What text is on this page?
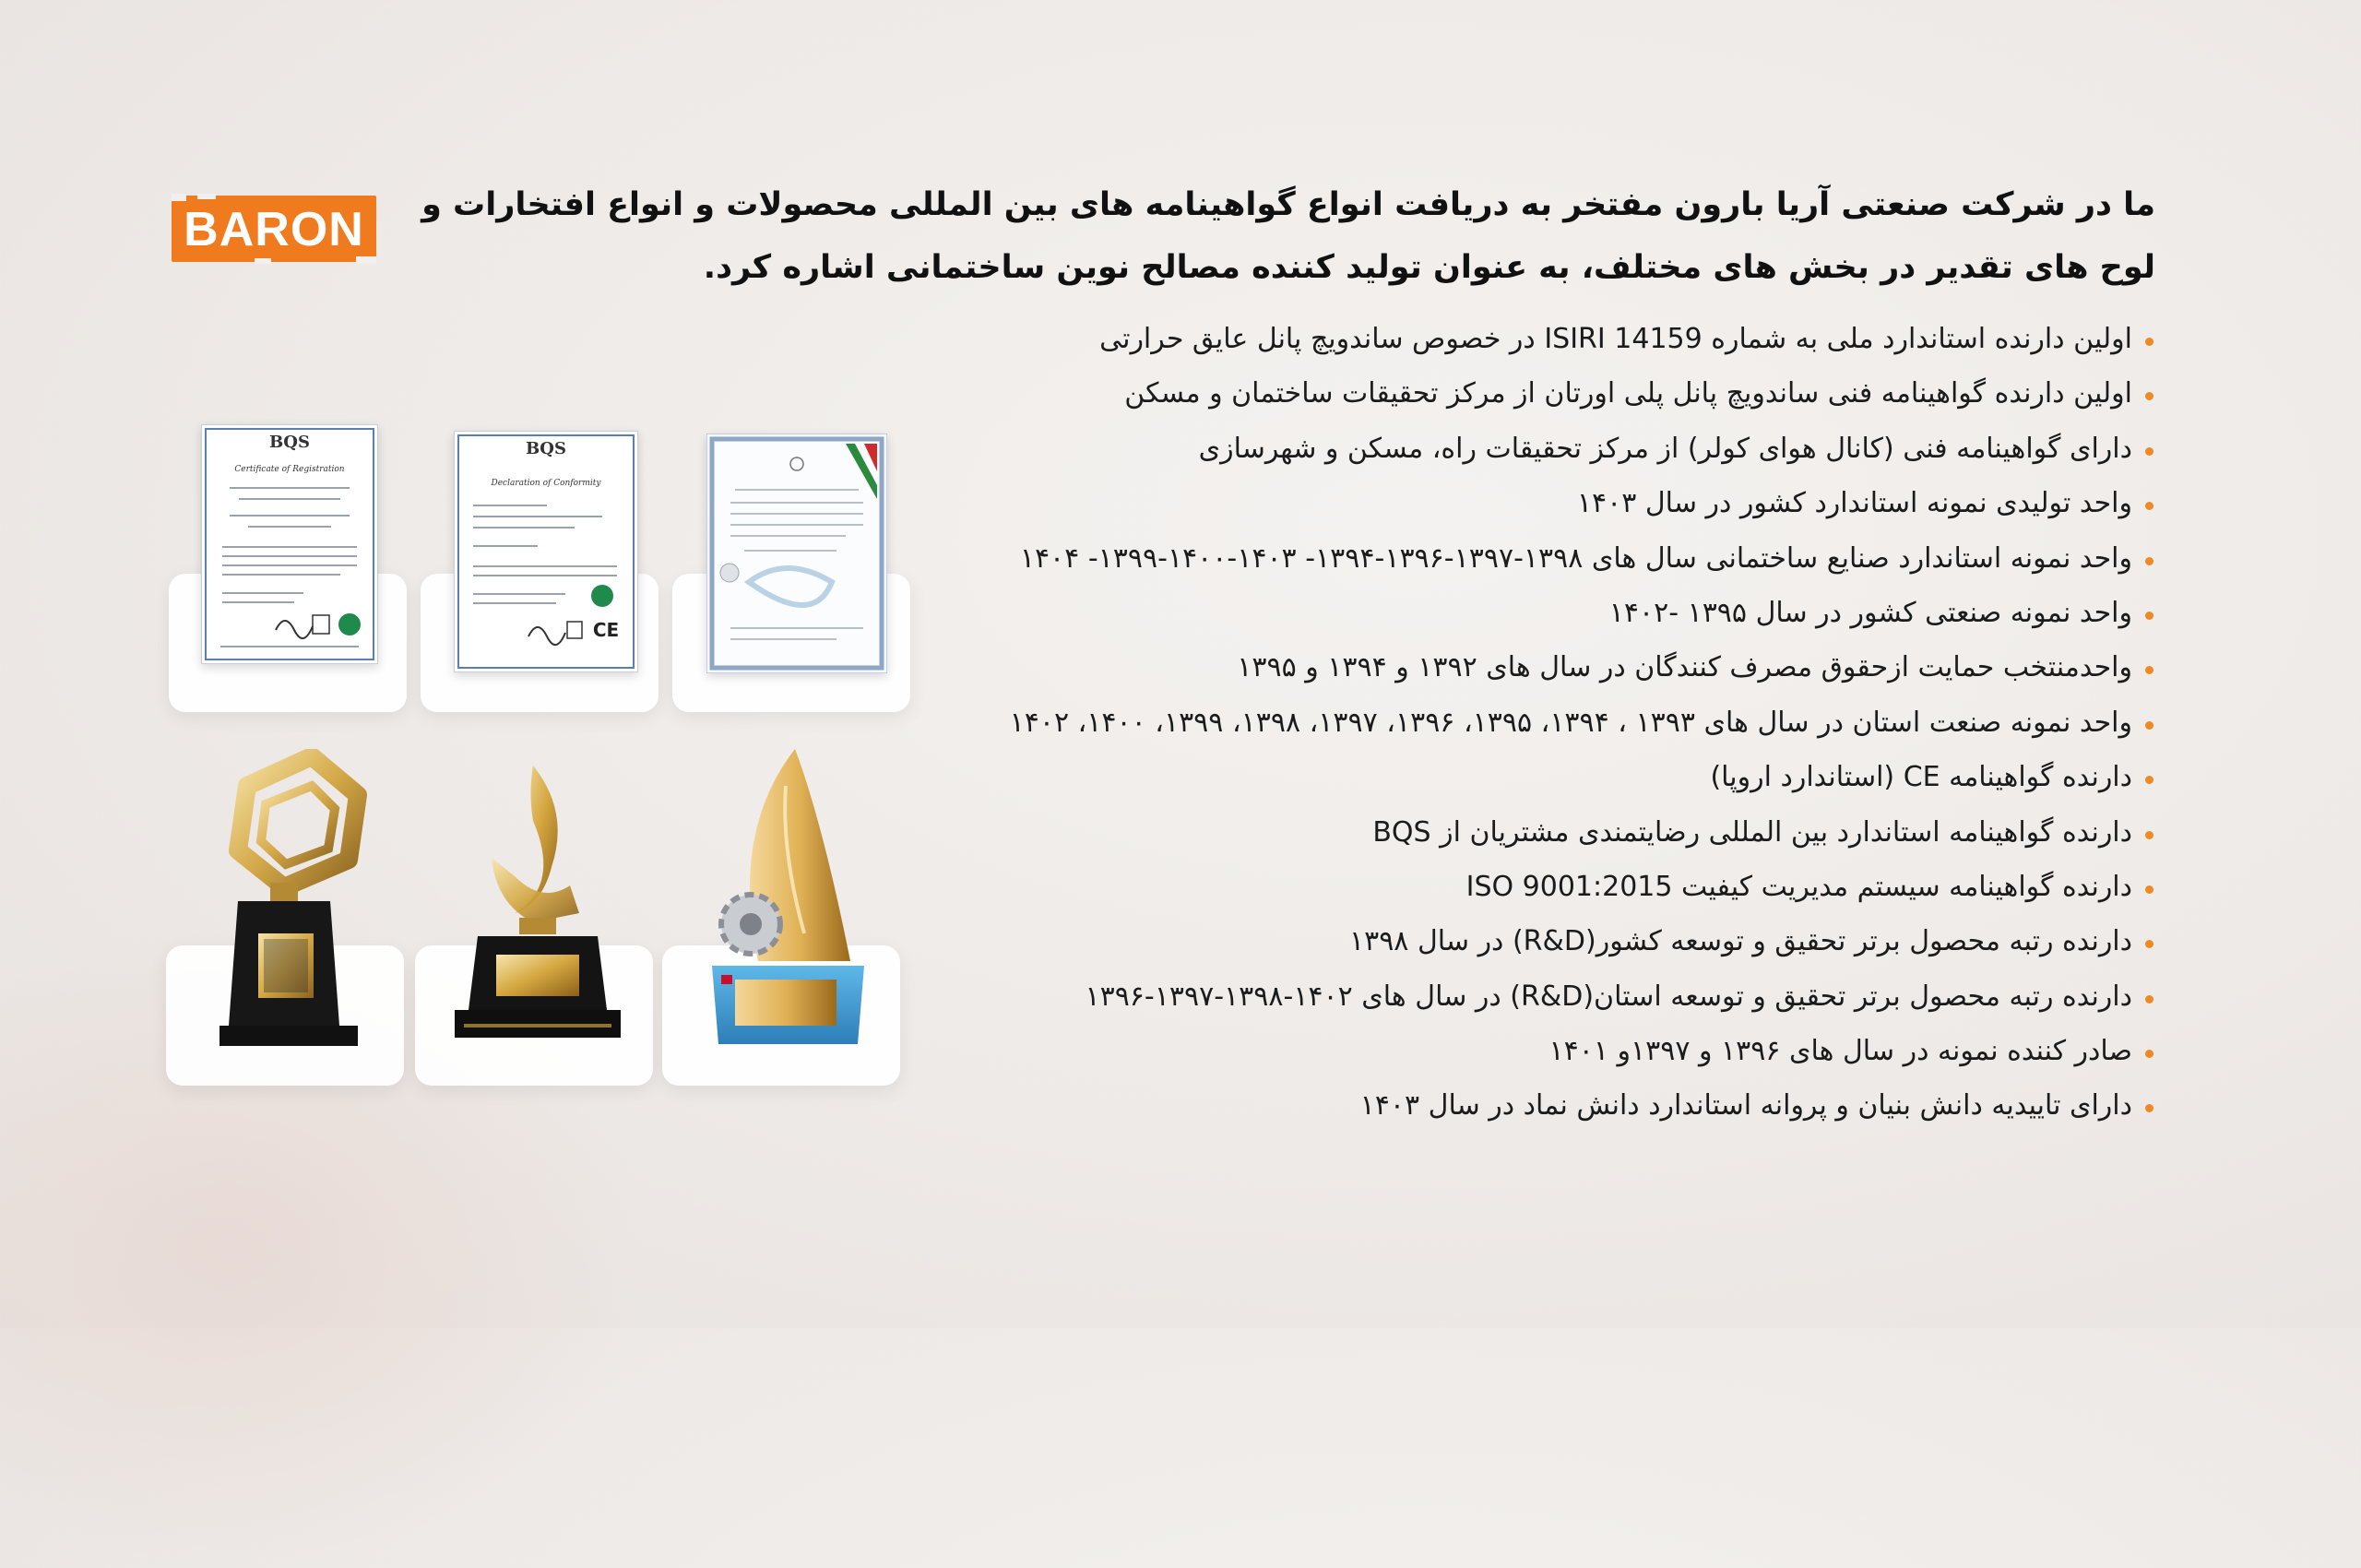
BARON ما در شرکت صنعتی آریا بارون مفتخر به دریافت انواع گواهینامه های بین المللی محصولات و انواع افتخارات و
لوح های تقدیر در بخش های مختلف، به عنوان تولید کننده مصالح نوین ساختمانی اشاره کرد.
اولین دارنده استاندارد ملی به شماره ISIRI 14159 در خصوص ساندویچ پانل عایق حرارتی
اولین دارنده گواهینامه فنی ساندویچ پانل پلی اورتان از مرکز تحقیقات ساختمان و مسکن
دارای گواهینامه فنی (کانال هوای کولر) از مرکز تحقیقات راه، مسکن و شهرسازی
واحد تولیدی نمونه استاندارد کشور در سال ۱۴۰۳
واحد نمونه استاندارد صنایع ساختمانی سال های ۱۳۹۸-۱۳۹۷-۱۳۹۶-۱۳۹۴- ۱۴۰۳-۱۴۰۰-۱۳۹۹- ۱۴۰۴
واحد نمونه صنعتی کشور در سال ۱۳۹۵ -۱۴۰۲
واحدمنتخب حمایت ازحقوق مصرف کنندگان در سال های ۱۳۹۲ و ۱۳۹۴ و ۱۳۹۵
واحد نمونه صنعت استان در سال های ۱۳۹۳ ، ۱۳۹۴، ۱۳۹۵، ۱۳۹۶، ۱۳۹۷، ۱۳۹۸، ۱۳۹۹، ۱۴۰۰، ۱۴۰۲
دارنده گواهینامه CE (استاندارد اروپا)
دارنده گواهینامه استاندارد بین المللی رضایتمندی مشتریان از BQS
دارنده گواهینامه سیستم مدیریت کیفیت ISO 9001:2015
دارنده رتبه محصول برتر تحقیق و توسعه کشور(R&D) در سال ۱۳۹۸
دارنده رتبه محصول برتر تحقیق و توسعه استان(R&D) در سال های ۱۴۰۲-۱۳۹۸-۱۳۹۷-۱۳۹۶
صادر کننده نمونه در سال های ۱۳۹۶ و ۱۳۹۷و ۱۴۰۱
دارای تاییدیه دانش بنیان و پروانه استاندارد دانش نماد در سال ۱۴۰۳
BQS
Certificate of Registration
BQS
Declaration of Conformity
CE
